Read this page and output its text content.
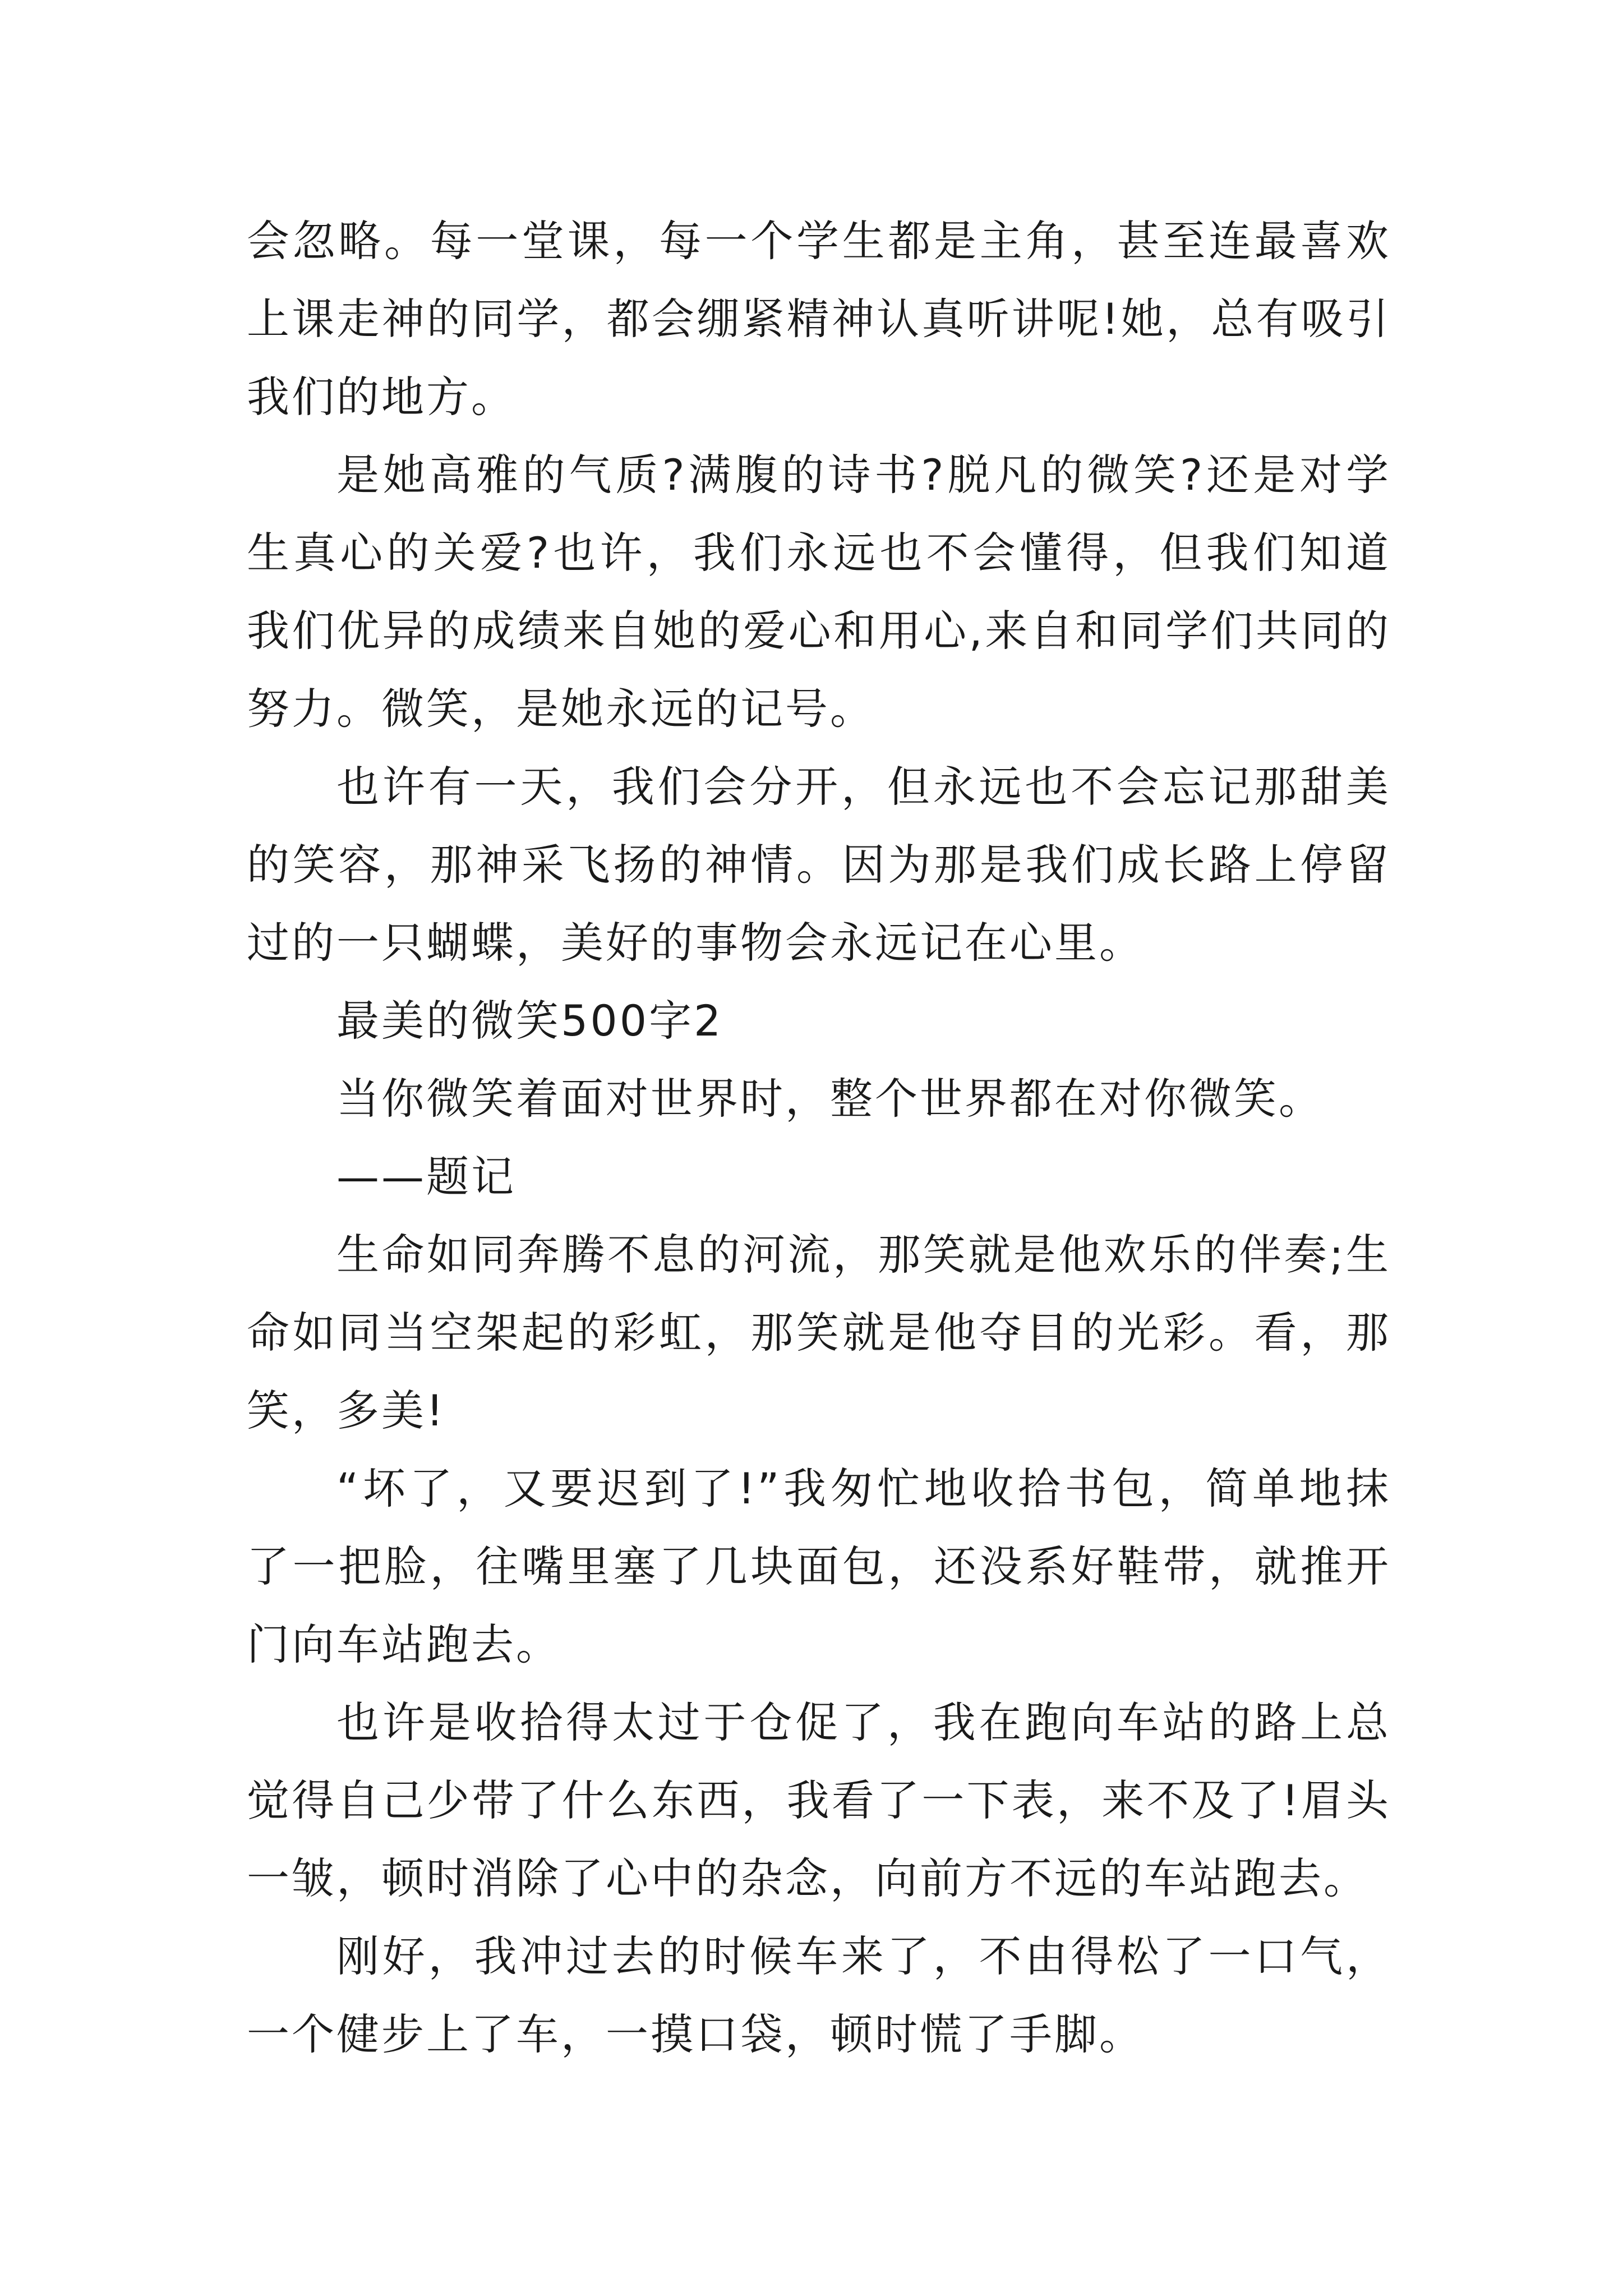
会忽略。每一堂课，每一个学生都是主角，甚至连最喜欢上课走神的同学，都会绷紧精神认真听讲呢!她，总有吸引我们的地方。

是她高雅的气质?满腹的诗书?脱凡的微笑?还是对学生真心的关爱?也许，我们永远也不会懂得，但我们知道我们优异的成绩来自她的爱心和用心,来自和同学们共同的努力。微笑，是她永远的记号。

也许有一天，我们会分开，但永远也不会忘记那甜美的笑容，那神采飞扬的神情。因为那是我们成长路上停留过的一只蝴蝶，美好的事物会永远记在心里。

最美的微笑500字2

当你微笑着面对世界时，整个世界都在对你微笑。

——题记

生命如同奔腾不息的河流，那笑就是他欢乐的伴奏;生命如同当空架起的彩虹，那笑就是他夺目的光彩。看，那笑，多美!

“坏了，又要迟到了!”我匆忙地收拾书包，简单地抹了一把脸，往嘴里塞了几块面包，还没系好鞋带，就推开门向车站跑去。

也许是收拾得太过于仓促了，我在跑向车站的路上总觉得自己少带了什么东西，我看了一下表，来不及了!眉头一皱，顿时消除了心中的杂念，向前方不远的车站跑去。

刚好，我冲过去的时候车来了，不由得松了一口气，一个健步上了车，一摸口袋，顿时慌了手脚。
